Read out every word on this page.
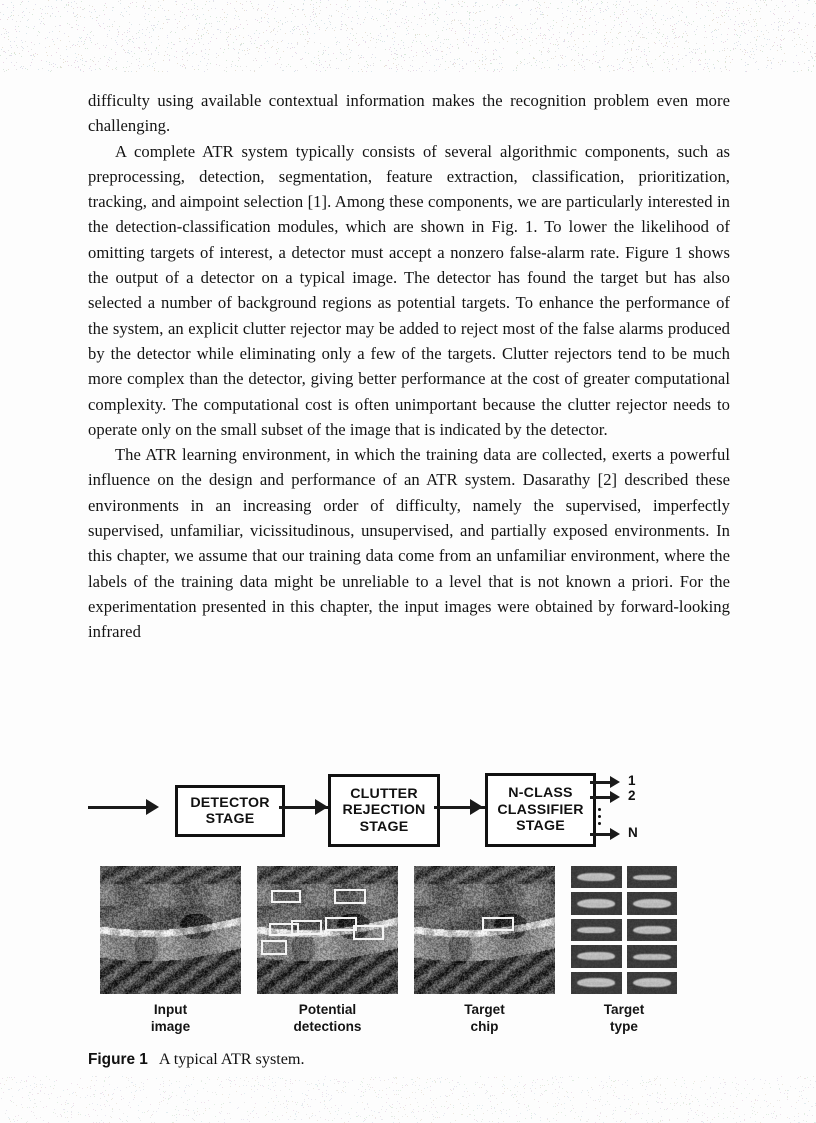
difficulty using available contextual information makes the recognition problem even more challenging.

A complete ATR system typically consists of several algorithmic components, such as preprocessing, detection, segmentation, feature extraction, classification, prioritization, tracking, and aimpoint selection [1]. Among these components, we are particularly interested in the detection-classification modules, which are shown in Fig. 1. To lower the likelihood of omitting targets of interest, a detector must accept a nonzero false-alarm rate. Figure 1 shows the output of a detector on a typical image. The detector has found the target but has also selected a number of background regions as potential targets. To enhance the performance of the system, an explicit clutter rejector may be added to reject most of the false alarms produced by the detector while eliminating only a few of the targets. Clutter rejectors tend to be much more complex than the detector, giving better performance at the cost of greater computational complexity. The computational cost is often unimportant because the clutter rejector needs to operate only on the small subset of the image that is indicated by the detector.

The ATR learning environment, in which the training data are collected, exerts a powerful influence on the design and performance of an ATR system. Dasarathy [2] described these environments in an increasing order of difficulty, namely the supervised, imperfectly supervised, unfamiliar, vicissitudinous, unsupervised, and partially exposed environments. In this chapter, we assume that our training data come from an unfamiliar environment, where the labels of the training data might be unreliable to a level that is not known a priori. For the experimentation presented in this chapter, the input images were obtained by forward-looking infrared

DETECTOR
STAGE
CLUTTER
REJECTION
STAGE
N-CLASS
CLASSIFIER
STAGE
1
2
N
Input
image
Potential
detections
Target
chip
Target
type
Figure 1 A typical ATR system.
